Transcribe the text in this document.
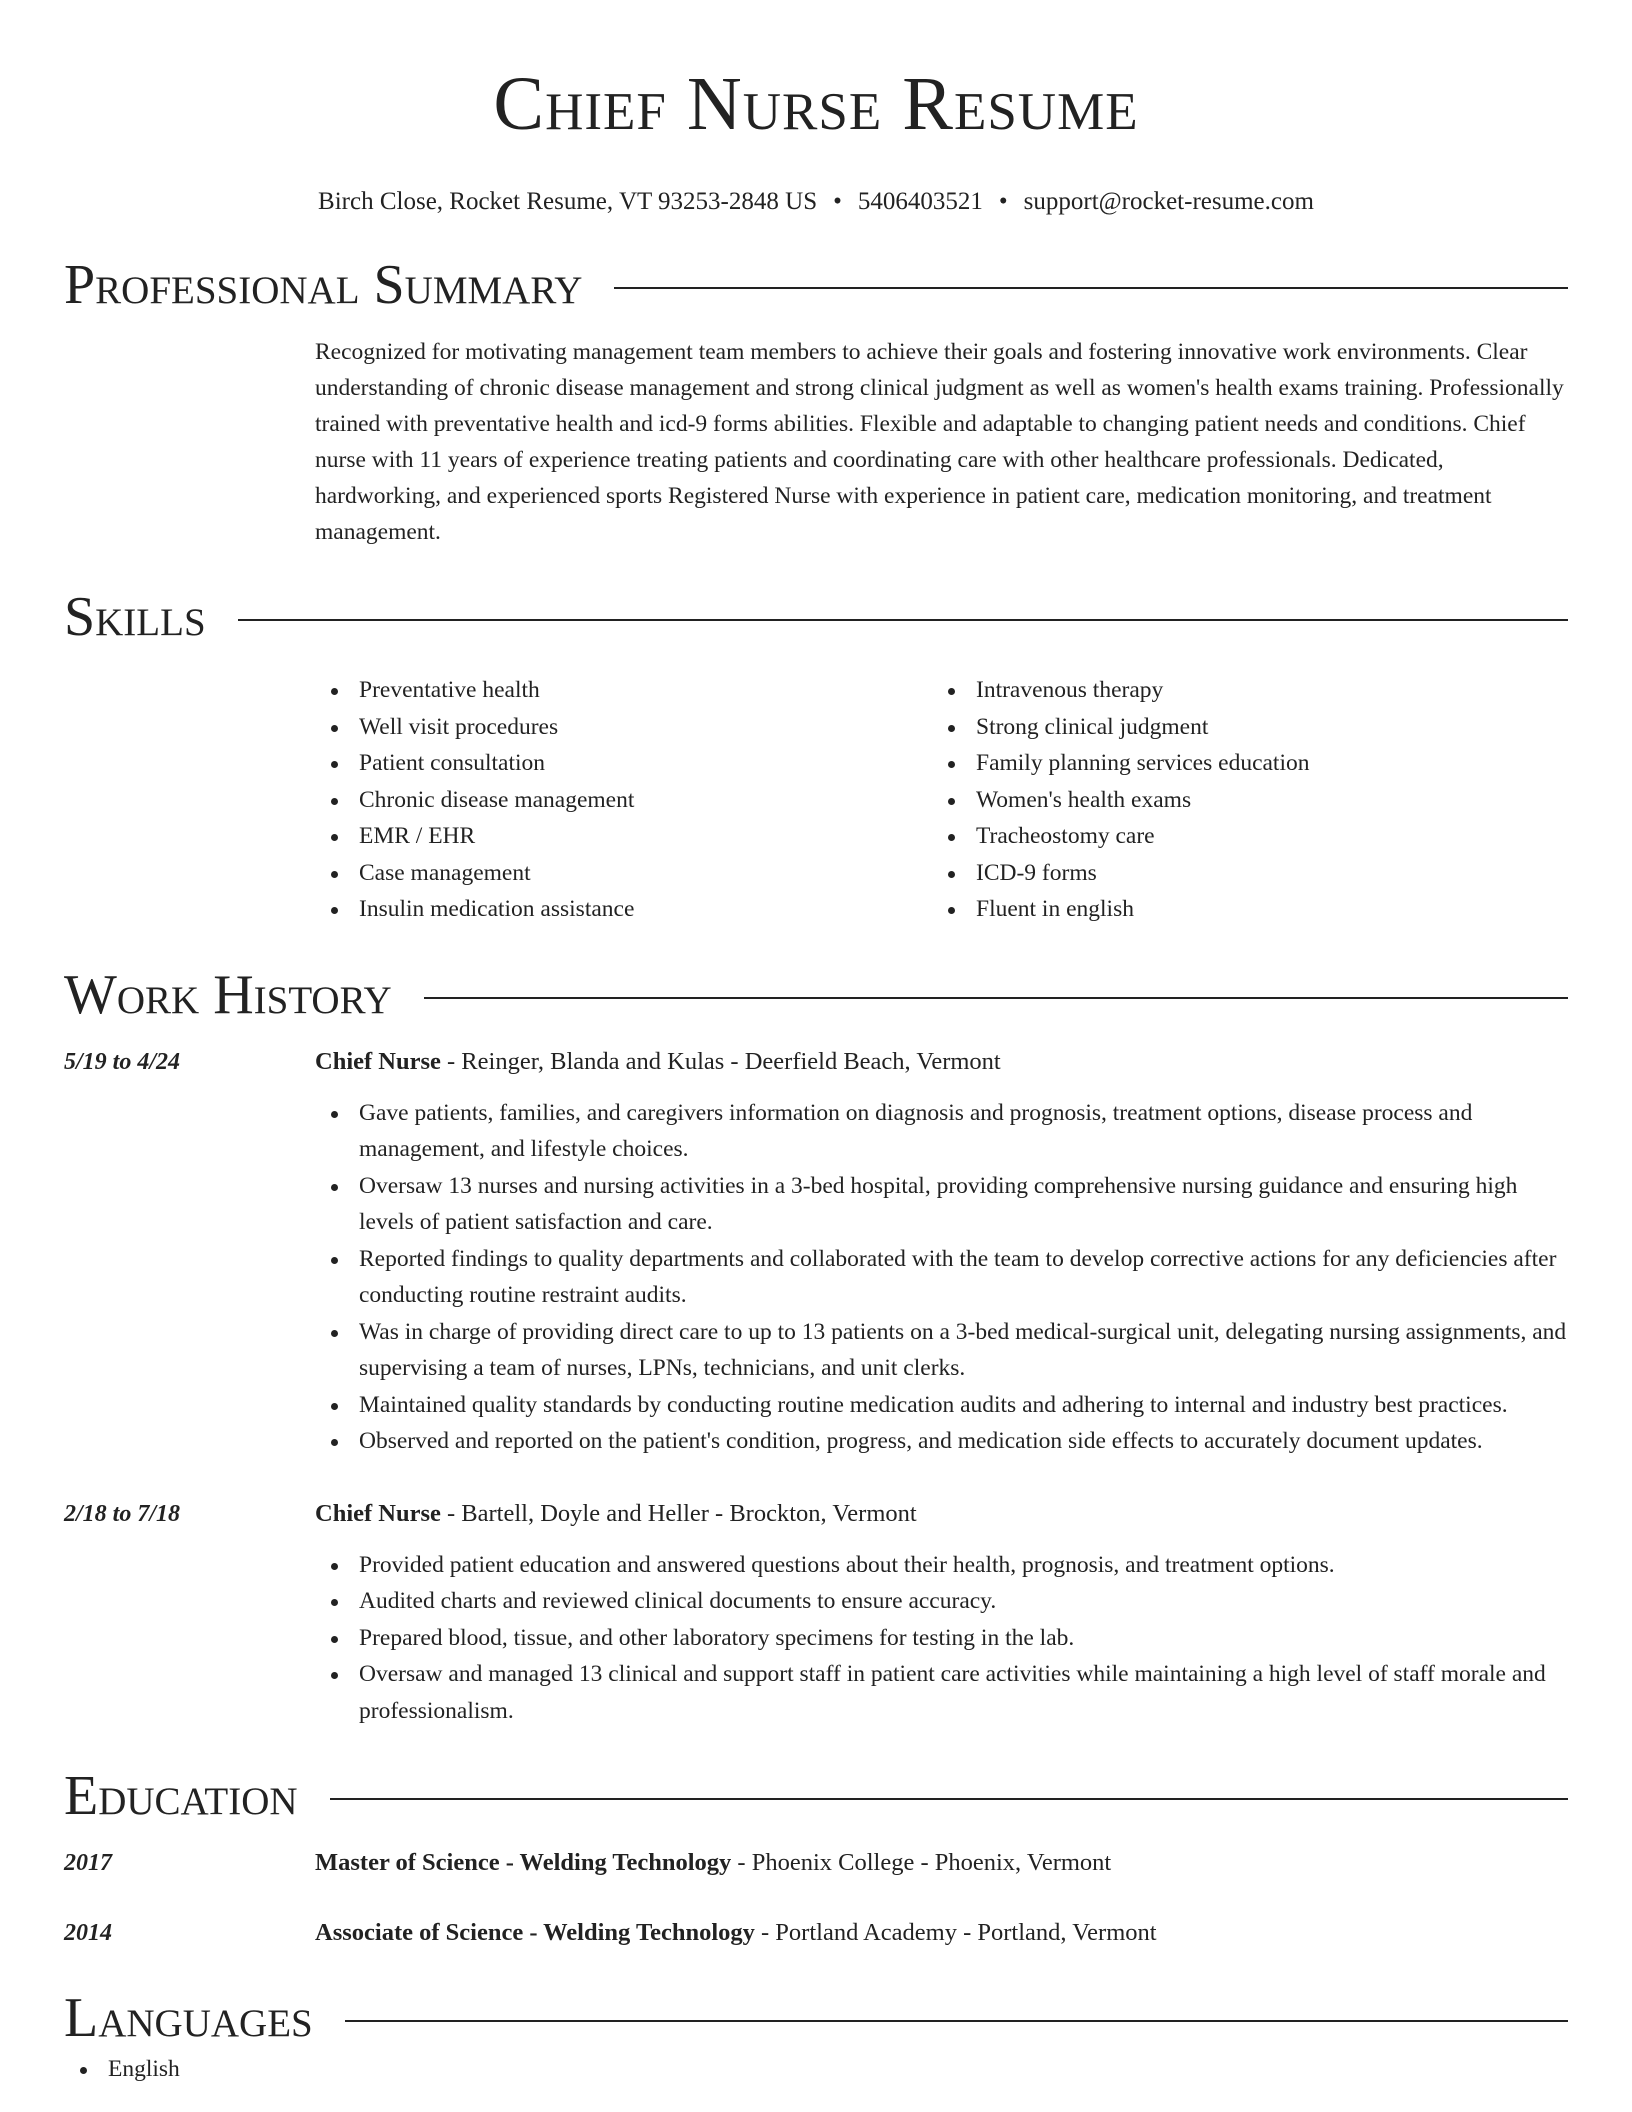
Chief Nurse Resume
Birch Close, Rocket Resume, VT 93253-2848 US • 5406403521 • support@rocket-resume.com
Professional Summary
Recognized for motivating management team members to achieve their goals and fostering innovative work environments. Clear understanding of chronic disease management and strong clinical judgment as well as women's health exams training. Professionally trained with preventative health and icd-9 forms abilities. Flexible and adaptable to changing patient needs and conditions. Chief nurse with 11 years of experience treating patients and coordinating care with other healthcare professionals. Dedicated, hardworking, and experienced sports Registered Nurse with experience in patient care, medication monitoring, and treatment management.
Skills
Preventative health
Well visit procedures
Patient consultation
Chronic disease management
EMR / EHR
Case management
Insulin medication assistance
Intravenous therapy
Strong clinical judgment
Family planning services education
Women's health exams
Tracheostomy care
ICD-9 forms
Fluent in english
Work History
5/19 to 4/24	Chief Nurse - Reinger, Blanda and Kulas - Deerfield Beach, Vermont
Gave patients, families, and caregivers information on diagnosis and prognosis, treatment options, disease process and management, and lifestyle choices.
Oversaw 13 nurses and nursing activities in a 3-bed hospital, providing comprehensive nursing guidance and ensuring high levels of patient satisfaction and care.
Reported findings to quality departments and collaborated with the team to develop corrective actions for any deficiencies after conducting routine restraint audits.
Was in charge of providing direct care to up to 13 patients on a 3-bed medical-surgical unit, delegating nursing assignments, and supervising a team of nurses, LPNs, technicians, and unit clerks.
Maintained quality standards by conducting routine medication audits and adhering to internal and industry best practices.
Observed and reported on the patient's condition, progress, and medication side effects to accurately document updates.
2/18 to 7/18	Chief Nurse - Bartell, Doyle and Heller - Brockton, Vermont
Provided patient education and answered questions about their health, prognosis, and treatment options.
Audited charts and reviewed clinical documents to ensure accuracy.
Prepared blood, tissue, and other laboratory specimens for testing in the lab.
Oversaw and managed 13 clinical and support staff in patient care activities while maintaining a high level of staff morale and professionalism.
Education
2017	Master of Science - Welding Technology - Phoenix College - Phoenix, Vermont
2014	Associate of Science - Welding Technology - Portland Academy - Portland, Vermont
Languages
English
